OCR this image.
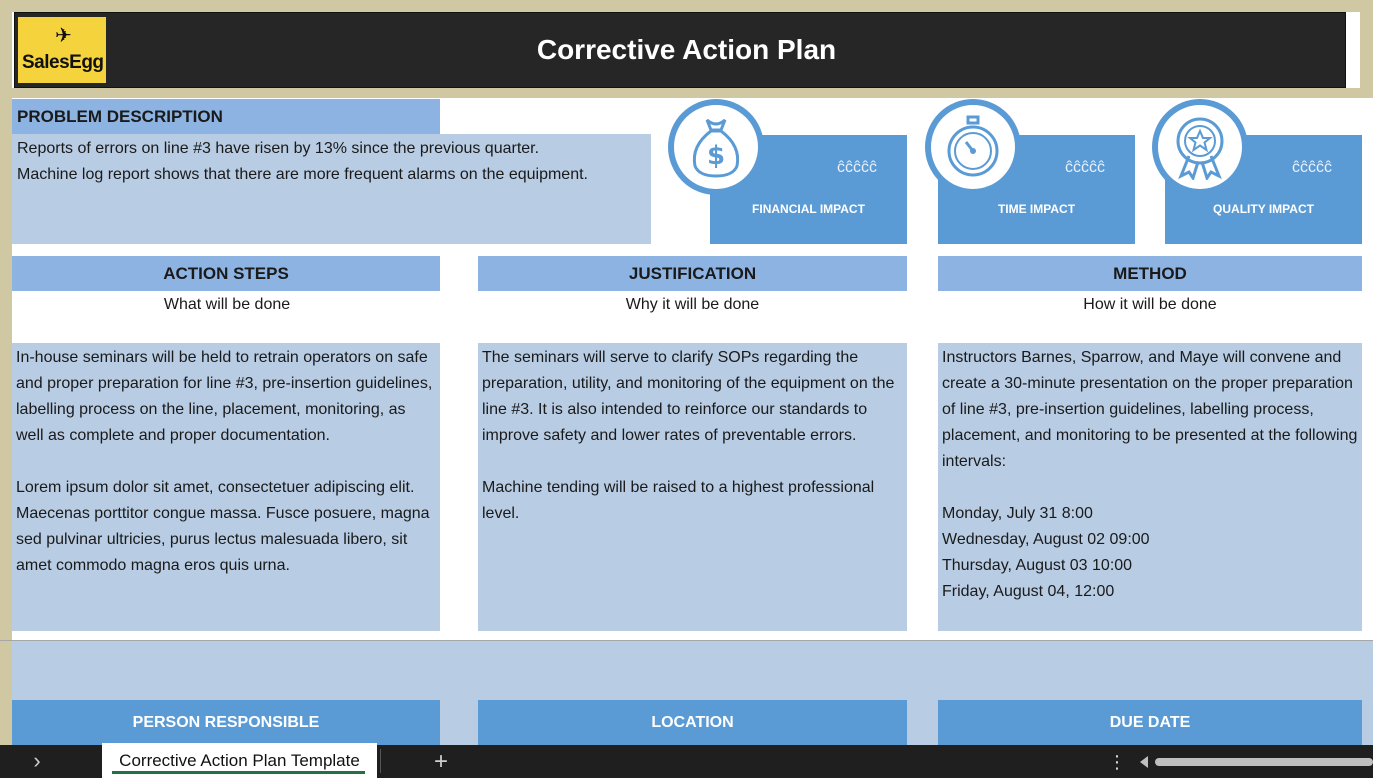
✈
SalesEgg	Corrective Action Plan
PROBLEM DESCRIPTION
Reports of errors on line #3 have risen by 13% since the previous quarter.
Machine log report shows that there are more frequent alarms on the equipment.	ĉĉĉĉĉ
FINANCIAL IMPACT
$	ĉĉĉĉĉ
TIME IMPACT
ĉĉĉĉĉ
QUALITY IMPACT
ACTION STEPS
What will be done
In-house seminars will be held to retrain operators on safe and proper preparation for line #3, pre-insertion guidelines, labelling process on the line, placement, monitoring, as well as complete and proper documentation.

Lorem ipsum dolor sit amet, consectetuer adipiscing elit. Maecenas porttitor congue massa. Fusce posuere, magna sed pulvinar ultricies, purus lectus malesuada libero, sit amet commodo magna eros quis urna.
JUSTIFICATION
Why it will be done
The seminars will serve to clarify SOPs regarding the preparation, utility, and monitoring of the equipment on the line #3. It is also intended to reinforce our standards to improve safety and lower rates of preventable errors.

Machine tending will be raised to a highest professional level.
METHOD
How it will be done
Instructors Barnes, Sparrow, and Maye will convene and create a 30-minute presentation on the proper preparation of line #3, pre-insertion guidelines, labelling process, placement, and monitoring to be presented at the following intervals:

Monday, July 31 8:00
Wednesday, August 02 09:00
Thursday, August 03 10:00
Friday, August 04, 12:00
PERSON RESPONSIBLE	LOCATION	DUE DATE
›	Corrective Action Plan Template	+	⋮
